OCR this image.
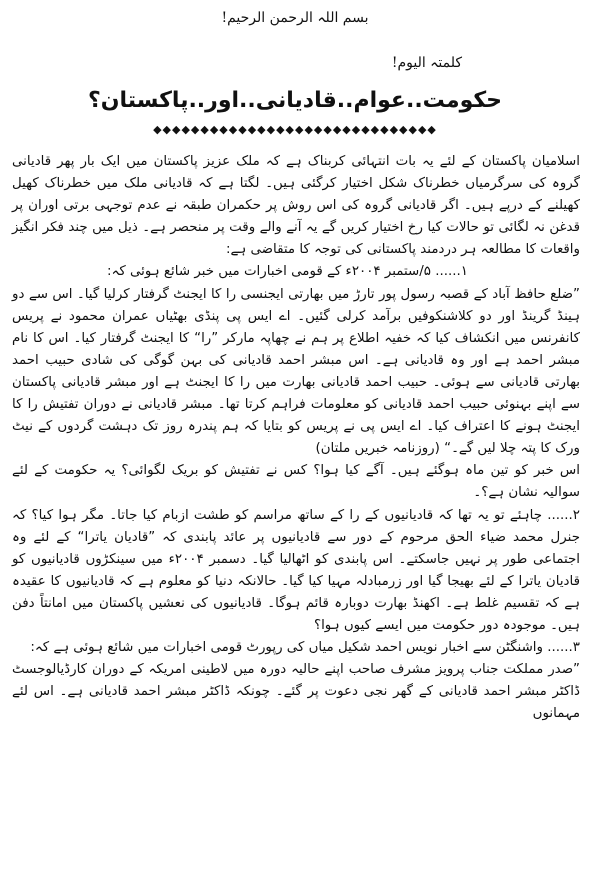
بسم اللہ الرحمن الرحیم!
کلمتہ الیوم!
حکومت..عوام..قادیانی..اور..پاکستان؟
◆◆◆◆◆◆◆◆◆◆◆◆◆◆◆◆◆◆◆◆◆◆◆◆◆◆◆◆◆◆

اسلامیان پاکستان کے لئے یہ بات انتہائی کربناک ہے کہ ملک عزیز پاکستان میں ایک بار پھر قادیانی گروہ کی سرگرمیاں خطرناک شکل اختیار کرگئی ہیں۔ لگتا ہے کہ قادیانی ملک میں خطرناک کھیل کھیلنے کے درپے ہیں۔ اگر قادیانی گروہ کی اس روش پر حکمران طبقہ نے عدم توجہی برتی اوران پر قدغن نہ لگائی تو حالات کیا رخ اختیار کریں گے یہ آنے والے وقت پر منحصر ہے۔ ذیل میں چند فکر انگیز واقعات کا مطالعہ ہر دردمند پاکستانی کی توجہ کا متقاضی ہے:

۱...... ۵/ستمبر ۲۰۰۴ء کے قومی اخبارات میں خبر شائع ہوئی کہ:

”ضلع حافظ آباد کے قصبہ رسول پور تارڑ میں بھارتی ایجنسی را کا ایجنٹ گرفتار کرلیا گیا۔ اس سے دو ہینڈ گرینڈ اور دو کلاشنکوفیں برآمد کرلی گئیں۔ اے ایس پی پنڈی بھٹیاں عمران محمود نے پریس کانفرنس میں انکشاف کیا کہ خفیہ اطلاع پر ہم نے چھاپہ مارکر ”را“ کا ایجنٹ گرفتار کیا۔ اس کا نام مبشر احمد ہے اور وہ قادیانی ہے۔ اس مبشر احمد قادیانی کی بہن گوگی کی شادی حبیب احمد بھارتی قادیانی سے ہوئی۔ حبیب احمد قادیانی بھارت میں را کا ایجنٹ ہے اور مبشر قادیانی پاکستان سے اپنے بہنوئی حبیب احمد قادیانی کو معلومات فراہم کرتا تھا۔ مبشر قادیانی نے دوران تفتیش را کا ایجنٹ ہونے کا اعتراف کیا۔ اے ایس پی نے پریس کو بتایا کہ ہم پندرہ روز تک دہشت گردوں کے نیٹ ورک کا پتہ چلا لیں گے۔“ (روزنامہ خبریں ملتان)

اس خبر کو تین ماہ ہوگئے ہیں۔ آگے کیا ہوا؟ کس نے تفتیش کو بریک لگوائی؟ یہ حکومت کے لئے سوالیہ نشان ہے؟۔

۲...... چاہئے تو یہ تھا کہ قادیانیوں کے را کے ساتھ مراسم کو طشت ازبام کیا جاتا۔ مگر ہوا کیا؟ کہ جنرل محمد ضیاء الحق مرحوم کے دور سے قادیانیوں پر عائد پابندی کہ ”قادیان یاترا“ کے لئے وہ اجتماعی طور پر نہیں جاسکتے۔ اس پابندی کو اٹھالیا گیا۔ دسمبر ۲۰۰۴ء میں سینکڑوں قادیانیوں کو قادیان یاترا کے لئے بھیجا گیا اور زرمبادلہ مہیا کیا گیا۔ حالانکہ دنیا کو معلوم ہے کہ قادیانیوں کا عقیدہ ہے کہ تقسیم غلط ہے۔ اکھنڈ بھارت دوبارہ قائم ہوگا۔ قادیانیوں کی نعشیں پاکستان میں امانتاً دفن ہیں۔ موجودہ دور حکومت میں ایسے کیوں ہوا؟

۳...... واشنگٹن سے اخبار نویس احمد شکیل میاں کی رپورٹ قومی اخبارات میں شائع ہوئی ہے کہ:

”صدر مملکت جناب پرویز مشرف صاحب اپنے حالیہ دورہ میں لاطینی امریکہ کے دوران کارڈیالوجسٹ ڈاکٹر مبشر احمد قادیانی کے گھر نجی دعوت پر گئے۔ چونکہ ڈاکٹر مبشر احمد قادیانی ہے۔ اس لئے مہمانوں
